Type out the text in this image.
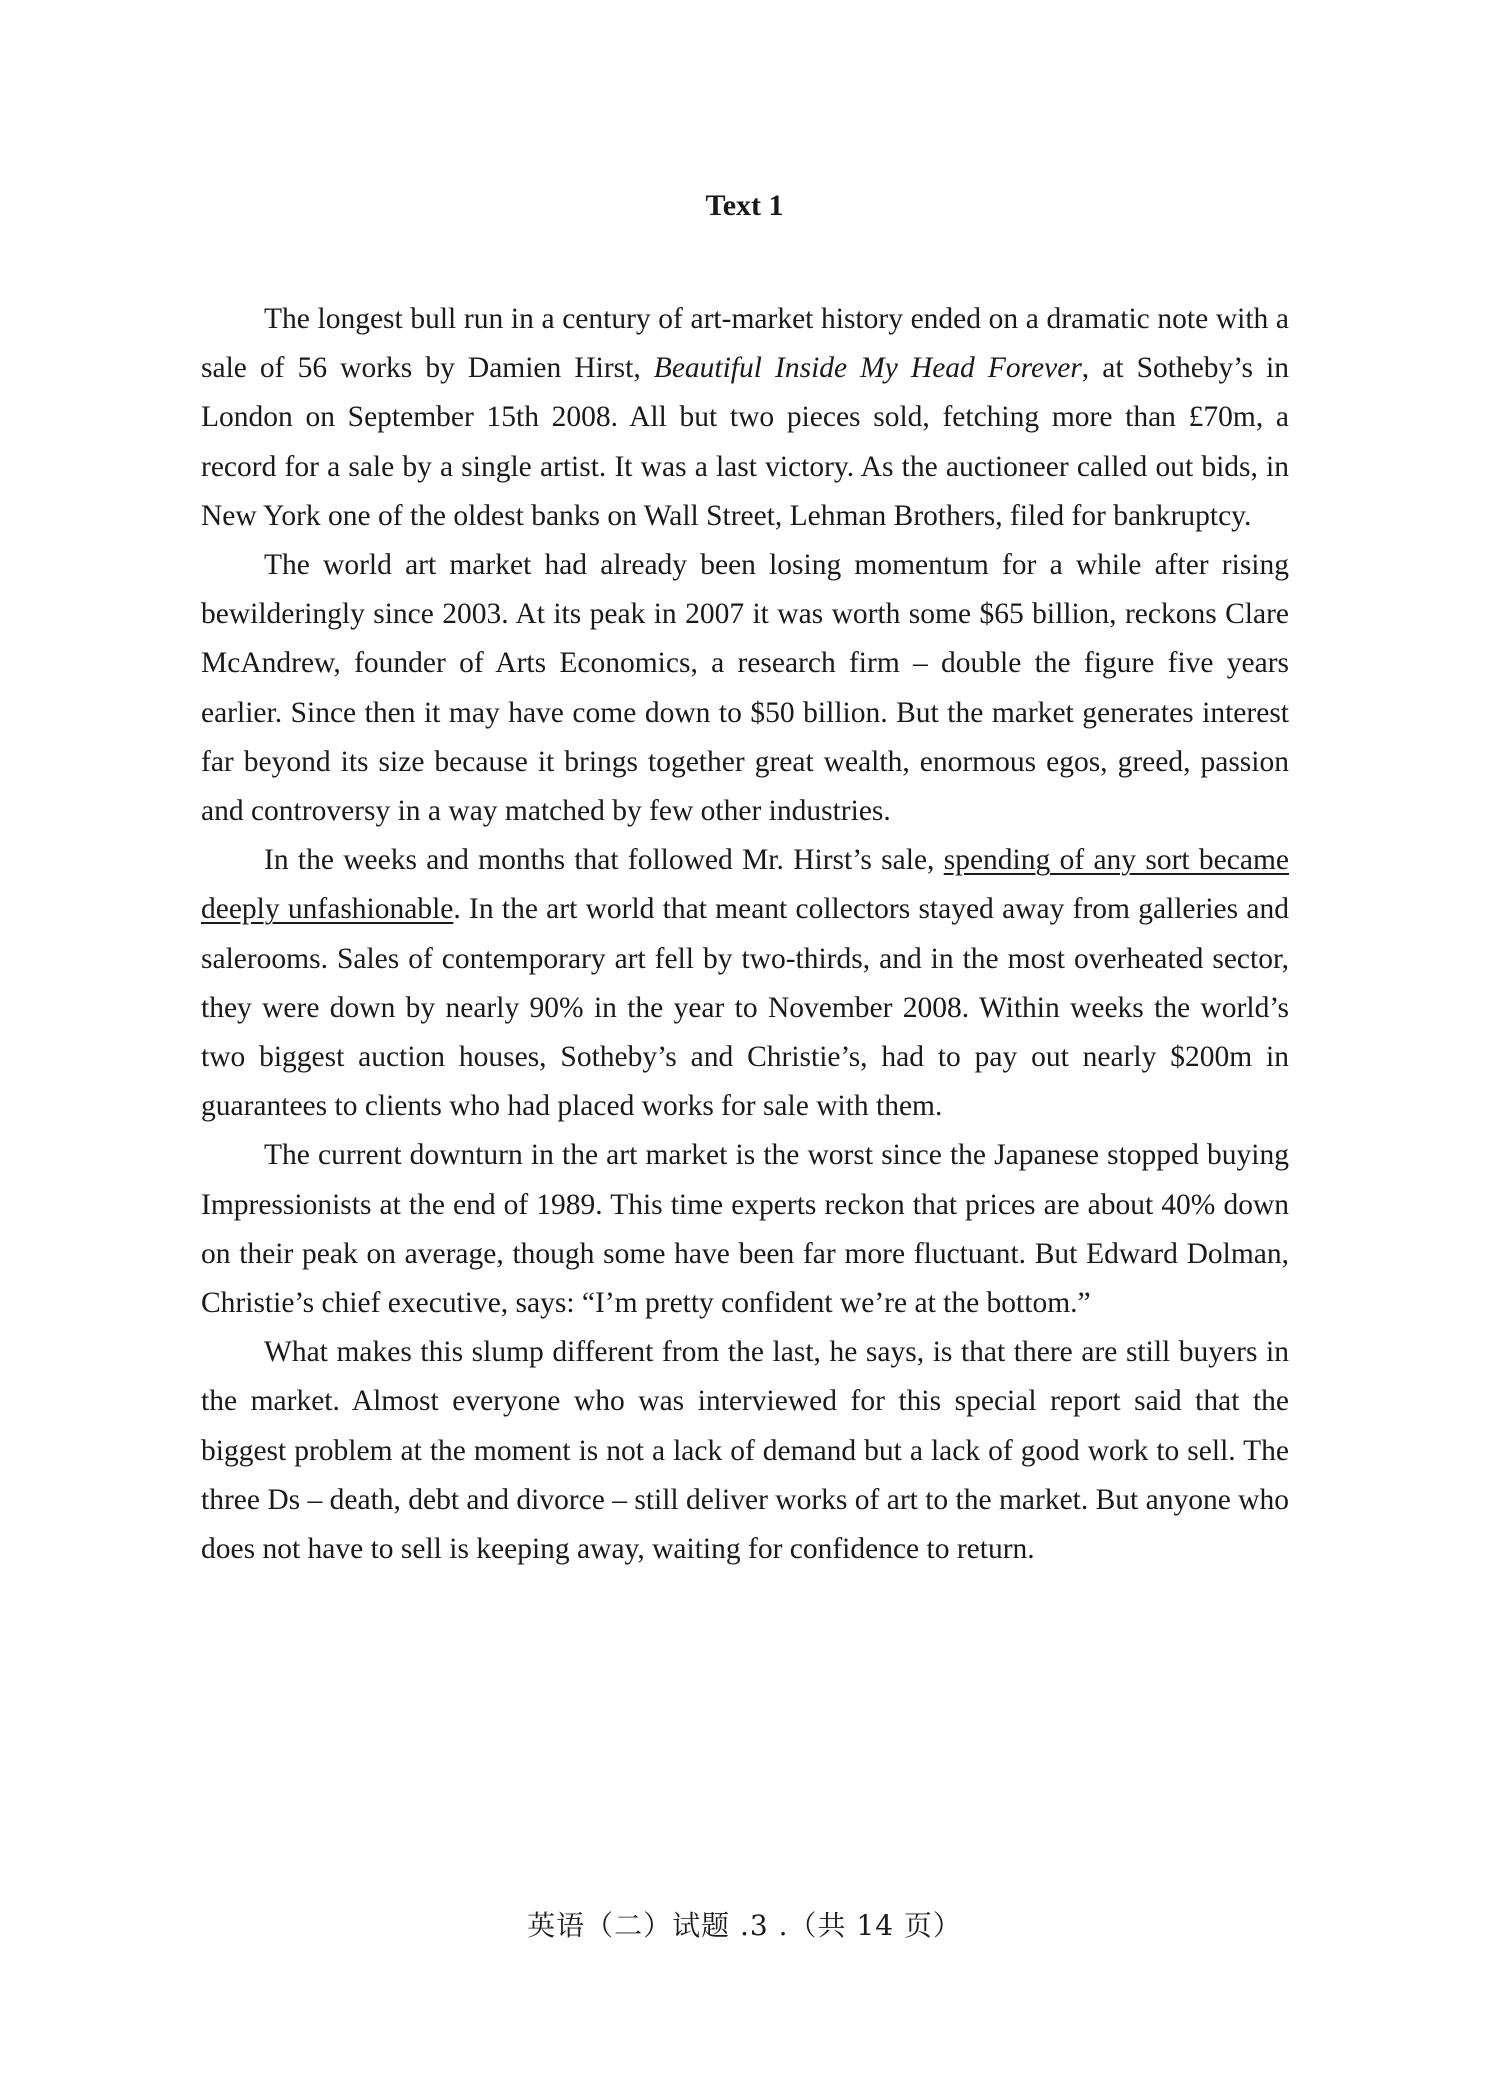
Text 1

The longest bull run in a century of art-market history ended on a dramatic note with a sale of 56 works by Damien Hirst, Beautiful Inside My Head Forever, at Sotheby’s in London on September 15th 2008. All but two pieces sold, fetching more than £70m, a record for a sale by a single artist. It was a last victory. As the auctioneer called out bids, in New York one of the oldest banks on Wall Street, Lehman Brothers, filed for bankruptcy.

The world art market had already been losing momentum for a while after rising bewilderingly since 2003. At its peak in 2007 it was worth some $65 billion, reckons Clare McAndrew, founder of Arts Economics, a research firm – double the figure five years earlier. Since then it may have come down to $50 billion. But the market generates interest far beyond its size because it brings together great wealth, enormous egos, greed, passion and controversy in a way matched by few other industries.

In the weeks and months that followed Mr. Hirst’s sale, spending of any sort became deeply unfashionable. In the art world that meant collectors stayed away from galleries and salerooms. Sales of contemporary art fell by two-thirds, and in the most overheated sector, they were down by nearly 90% in the year to November 2008. Within weeks the world’s two biggest auction houses, Sotheby’s and Christie’s, had to pay out nearly $200m in guarantees to clients who had placed works for sale with them.

The current downturn in the art market is the worst since the Japanese stopped buying Impressionists at the end of 1989. This time experts reckon that prices are about 40% down on their peak on average, though some have been far more fluctuant. But Edward Dolman, Christie’s chief executive, says: “I’m pretty confident we’re at the bottom.”

What makes this slump different from the last, he says, is that there are still buyers in the market. Almost everyone who was interviewed for this special report said that the biggest problem at the moment is not a lack of demand but a lack of good work to sell. The three Ds – death, debt and divorce – still deliver works of art to the market. But anyone who does not have to sell is keeping away, waiting for confidence to return.

英语（二）试题 .3 .（共 14 页）
